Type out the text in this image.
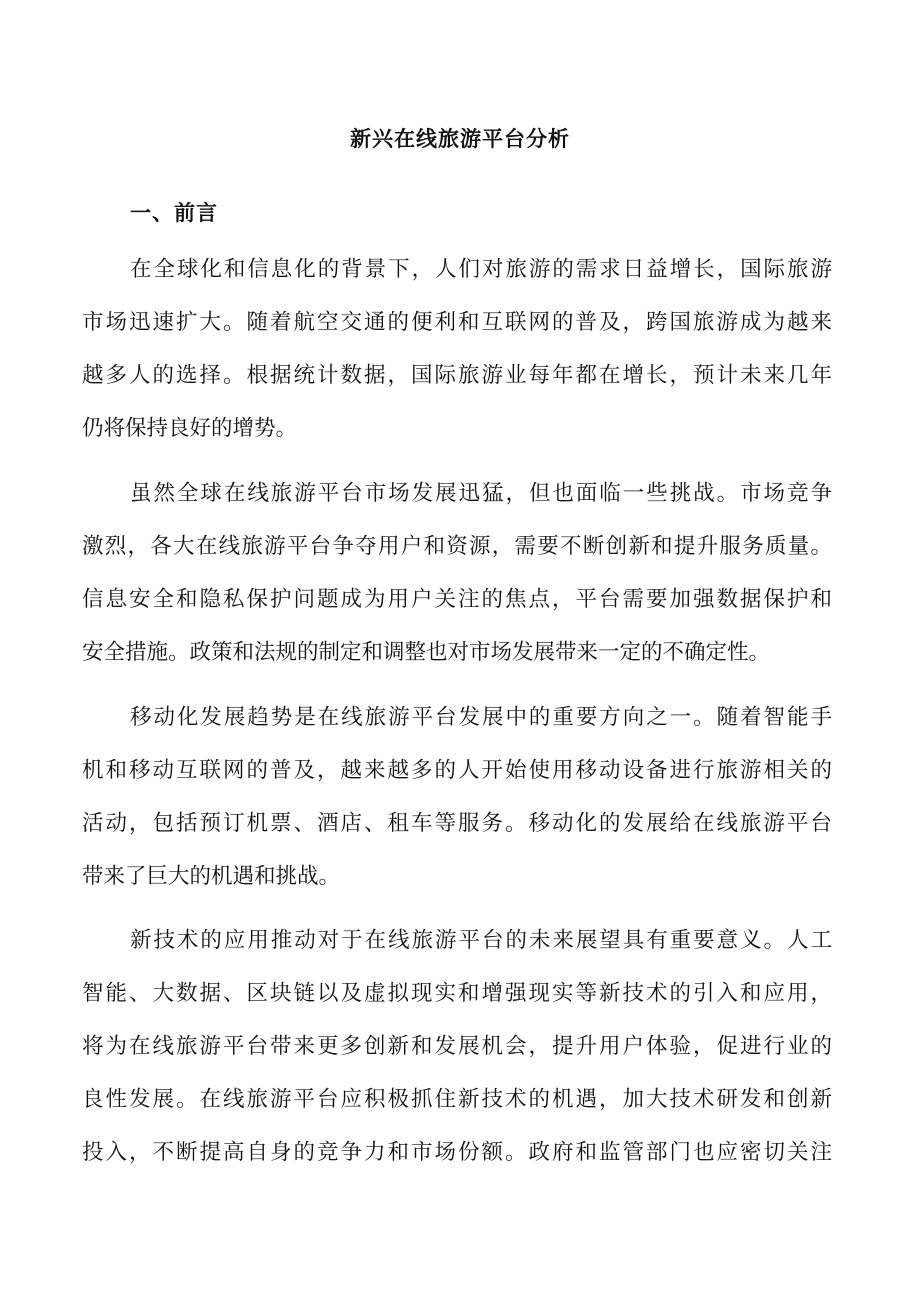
新兴在线旅游平台分析
一、前言
在全球化和信息化的背景下，人们对旅游的需求日益增长，国际旅游
市场迅速扩大。随着航空交通的便利和互联网的普及，跨国旅游成为越来
越多人的选择。根据统计数据，国际旅游业每年都在增长，预计未来几年
仍将保持良好的增势。
虽然全球在线旅游平台市场发展迅猛，但也面临一些挑战。市场竞争
激烈，各大在线旅游平台争夺用户和资源，需要不断创新和提升服务质量。
信息安全和隐私保护问题成为用户关注的焦点，平台需要加强数据保护和
安全措施。政策和法规的制定和调整也对市场发展带来一定的不确定性。
移动化发展趋势是在线旅游平台发展中的重要方向之一。随着智能手
机和移动互联网的普及，越来越多的人开始使用移动设备进行旅游相关的
活动，包括预订机票、酒店、租车等服务。移动化的发展给在线旅游平台
带来了巨大的机遇和挑战。
新技术的应用推动对于在线旅游平台的未来展望具有重要意义。人工
智能、大数据、区块链以及虚拟现实和增强现实等新技术的引入和应用，
将为在线旅游平台带来更多创新和发展机会，提升用户体验，促进行业的
良性发展。在线旅游平台应积极抓住新技术的机遇，加大技术研发和创新
投入，不断提高自身的竞争力和市场份额。政府和监管部门也应密切关注
